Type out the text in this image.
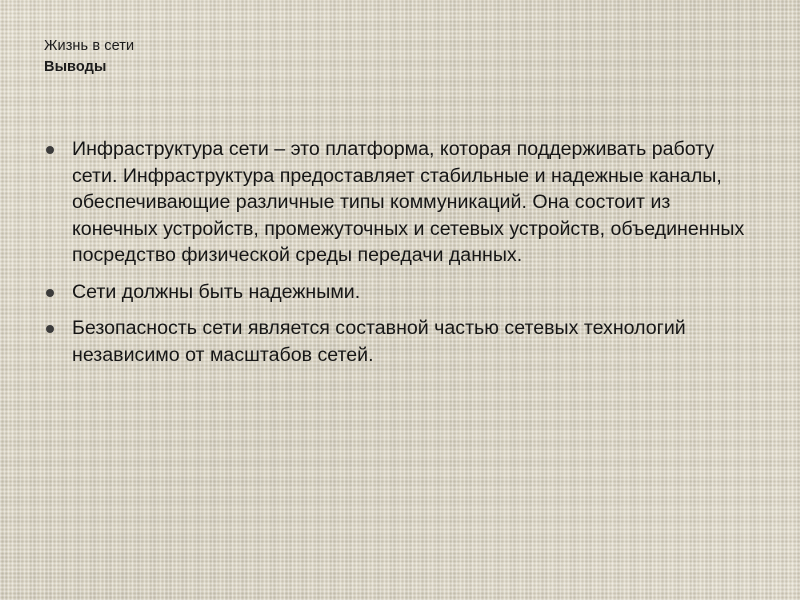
Жизнь в сети
Выводы
Инфраструктура сети – это платформа, которая поддерживать работу сети. Инфраструктура предоставляет стабильные и надежные каналы, обеспечивающие различные типы коммуникаций. Она состоит из конечных устройств, промежуточных и сетевых устройств, объединенных посредство физической среды передачи данных.
Сети должны быть надежными.
Безопасность сети является составной частью сетевых технологий независимо от масштабов сетей.
